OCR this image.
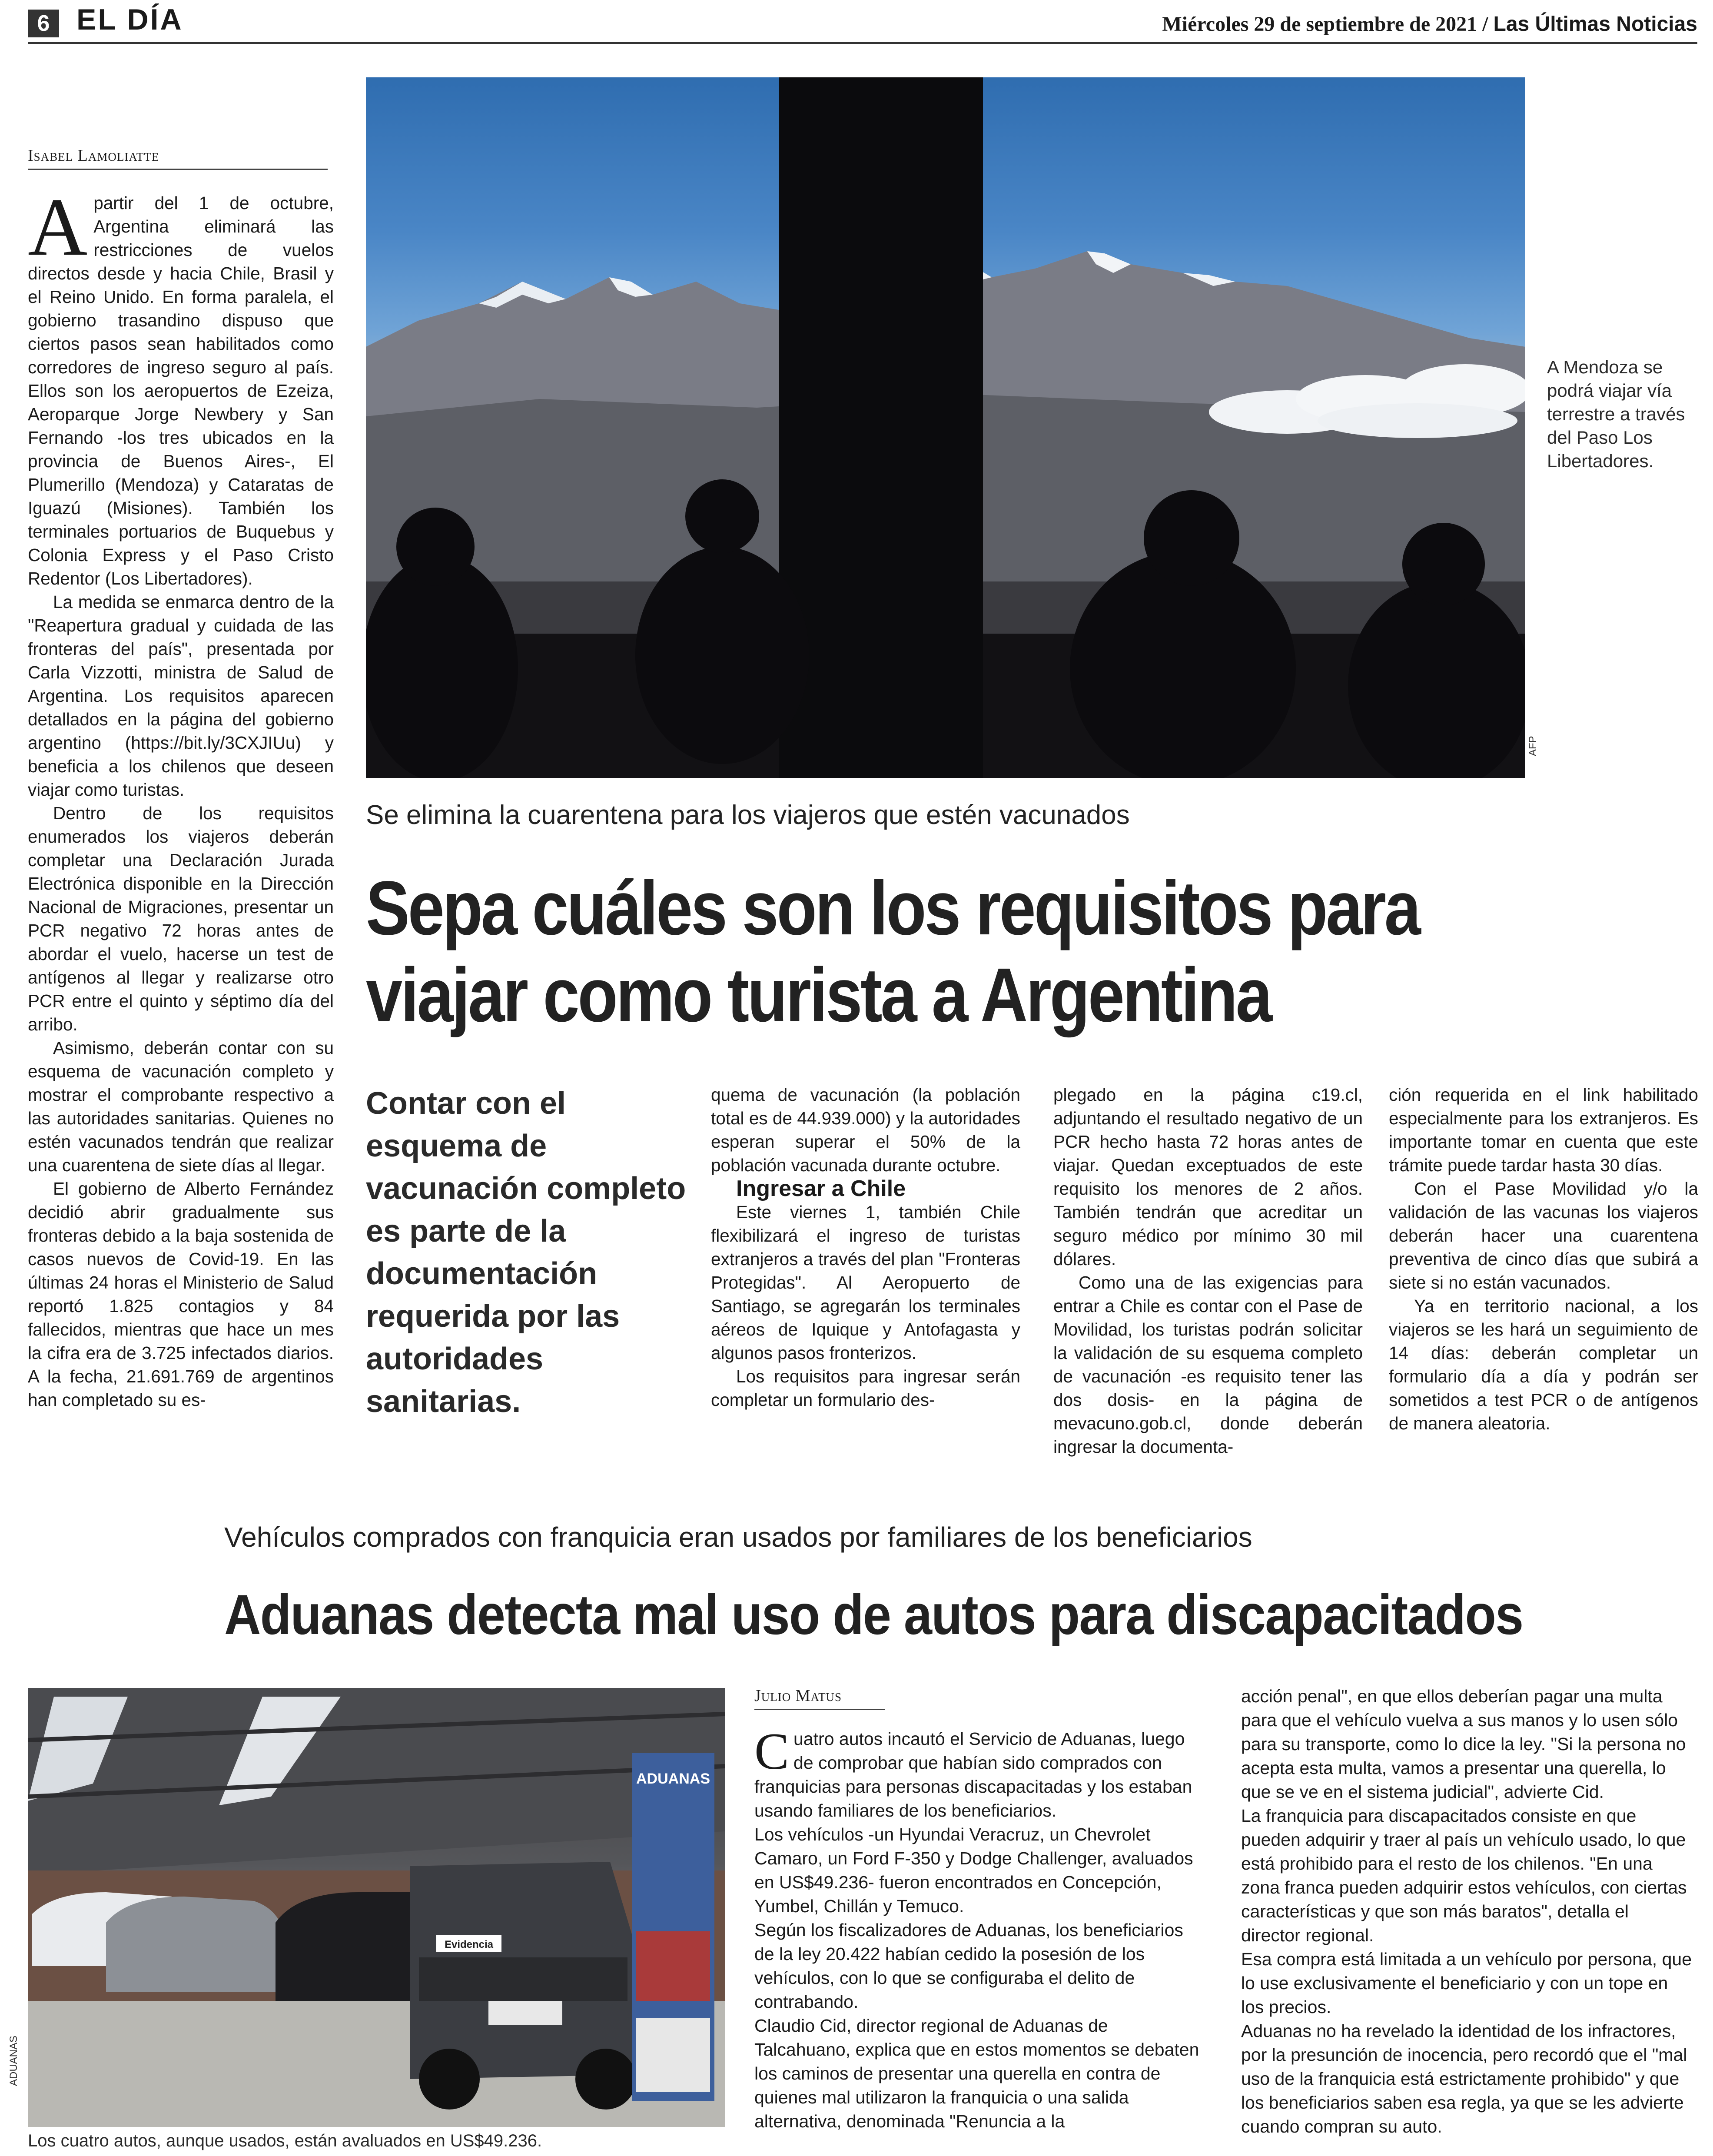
6 EL DÍA	Miércoles 29 de septiembre de 2021 / Las Últimas Noticias
Isabel Lamoliatte

Apartir del 1 de octubre, Argentina eliminará las restricciones de vuelos directos desde y hacia Chile, Brasil y el Reino Unido. En forma paralela, el gobierno trasandino dispuso que ciertos pasos sean habilitados como corredores de ingreso seguro al país. Ellos son los aeropuertos de Ezeiza, Aeroparque Jorge Newbery y San Fernando -los tres ubicados en la provincia de Buenos Aires-, El Plumerillo (Mendoza) y Cataratas de Iguazú (Misiones). También los terminales portuarios de Buquebus y Colonia Express y el Paso Cristo Redentor (Los Libertadores).

La medida se enmarca dentro de la "Reapertura gradual y cuidada de las fronteras del país", presentada por Carla Vizzotti, ministra de Salud de Argentina. Los requisitos aparecen detallados en la página del gobierno argentino (https://bit.ly/3CXJIUu) y beneficia a los chilenos que deseen viajar como turistas.

Dentro de los requisitos enumerados los viajeros deberán completar una Declaración Jurada Electrónica disponible en la Dirección Nacional de Migraciones, presentar un PCR negativo 72 horas antes de abordar el vuelo, hacerse un test de antígenos al llegar y realizarse otro PCR entre el quinto y séptimo día del arribo.

Asimismo, deberán contar con su esquema de vacunación completo y mostrar el comprobante respectivo a las autoridades sanitarias. Quienes no estén vacunados tendrán que realizar una cuarentena de siete días al llegar.

El gobierno de Alberto Fernández decidió abrir gradualmente sus fronteras debido a la baja sostenida de casos nuevos de Covid-19. En las últimas 24 horas el Ministerio de Salud reportó 1.825 contagios y 84 fallecidos, mientras que hace un mes la cifra era de 3.725 infectados diarios. A la fecha, 21.691.769 de argentinos han completado su es-

AFP
A Mendoza se podrá viajar vía terrestre a través del Paso Los Libertadores.
Se elimina la cuarentena para los viajeros que estén vacunados
Sepa cuáles son los requisitos para
viajar como turista a Argentina
Contar con el esquema de vacunación completo es parte de la documentación requerida por las autoridades sanitarias.

quema de vacunación (la población total es de 44.939.000) y la autoridades esperan superar el 50% de la población vacunada durante octubre.

Ingresar a Chile

Este viernes 1, también Chile flexibilizará el ingreso de turistas extranjeros a través del plan "Fronteras Protegidas". Al Aeropuerto de Santiago, se agregarán los terminales aéreos de Iquique y Antofagasta y algunos pasos fronterizos.

Los requisitos para ingresar serán completar un formulario des-

plegado en la página c19.cl, adjuntando el resultado negativo de un PCR hecho hasta 72 horas antes de viajar. Quedan exceptuados de este requisito los menores de 2 años. También tendrán que acreditar un seguro médico por mínimo 30 mil dólares.

Como una de las exigencias para entrar a Chile es contar con el Pase de Movilidad, los turistas podrán solicitar la validación de su esquema completo de vacunación -es requisito tener las dos dosis- en la página de mevacuno.gob.cl, donde deberán ingresar la documenta-

ción requerida en el link habilitado especialmente para los extranjeros. Es importante tomar en cuenta que este trámite puede tardar hasta 30 días.

Con el Pase Movilidad y/o la validación de las vacunas los viajeros deberán hacer una cuarentena preventiva de cinco días que subirá a siete si no están vacunados.

Ya en territorio nacional, a los viajeros se les hará un seguimiento de 14 días: deberán completar un formulario día a día y podrán ser sometidos a test PCR o de antígenos de manera aleatoria.

Vehículos comprados con franquicia eran usados por familiares de los beneficiarios
Aduanas detecta mal uso de autos para discapacitados
ADUANAS
Evidencia
ADUANAS
Los cuatro autos, aunque usados, están avaluados en US$49.236.
Julio Matus

Cuatro autos incautó el Servicio de Aduanas, luego de comprobar que habían sido comprados con franquicias para personas discapacitadas y los estaban usando familiares de los beneficiarios.

Los vehículos -un Hyundai Veracruz, un Chevrolet Camaro, un Ford F-350 y Dodge Challenger, avaluados en US$49.236- fueron encontrados en Concepción, Yumbel, Chillán y Temuco.

Según los fiscalizadores de Aduanas, los beneficiarios de la ley 20.422 habían cedido la posesión de los vehículos, con lo que se configuraba el delito de contrabando.

Claudio Cid, director regional de Aduanas de Talcahuano, explica que en estos momentos se debaten los caminos de presentar una querella en contra de quienes mal utilizaron la franquicia o una salida alternativa, denominada "Renuncia a la

acción penal", en que ellos deberían pagar una multa para que el vehículo vuelva a sus manos y lo usen sólo para su transporte, como lo dice la ley. "Si la persona no acepta esta multa, vamos a presentar una querella, lo que se ve en el sistema judicial", advierte Cid.

La franquicia para discapacitados consiste en que pueden adquirir y traer al país un vehículo usado, lo que está prohibido para el resto de los chilenos. "En una zona franca pueden adquirir estos vehículos, con ciertas características y que son más baratos", detalla el director regional.

Esa compra está limitada a un vehículo por persona, que lo use exclusivamente el beneficiario y con un tope en los precios.

Aduanas no ha revelado la identidad de los infractores, por la presunción de inocencia, pero recordó que el "mal uso de la franquicia está estrictamente prohibido" y que los beneficiarios saben esa regla, ya que se les advierte cuando compran su auto.
